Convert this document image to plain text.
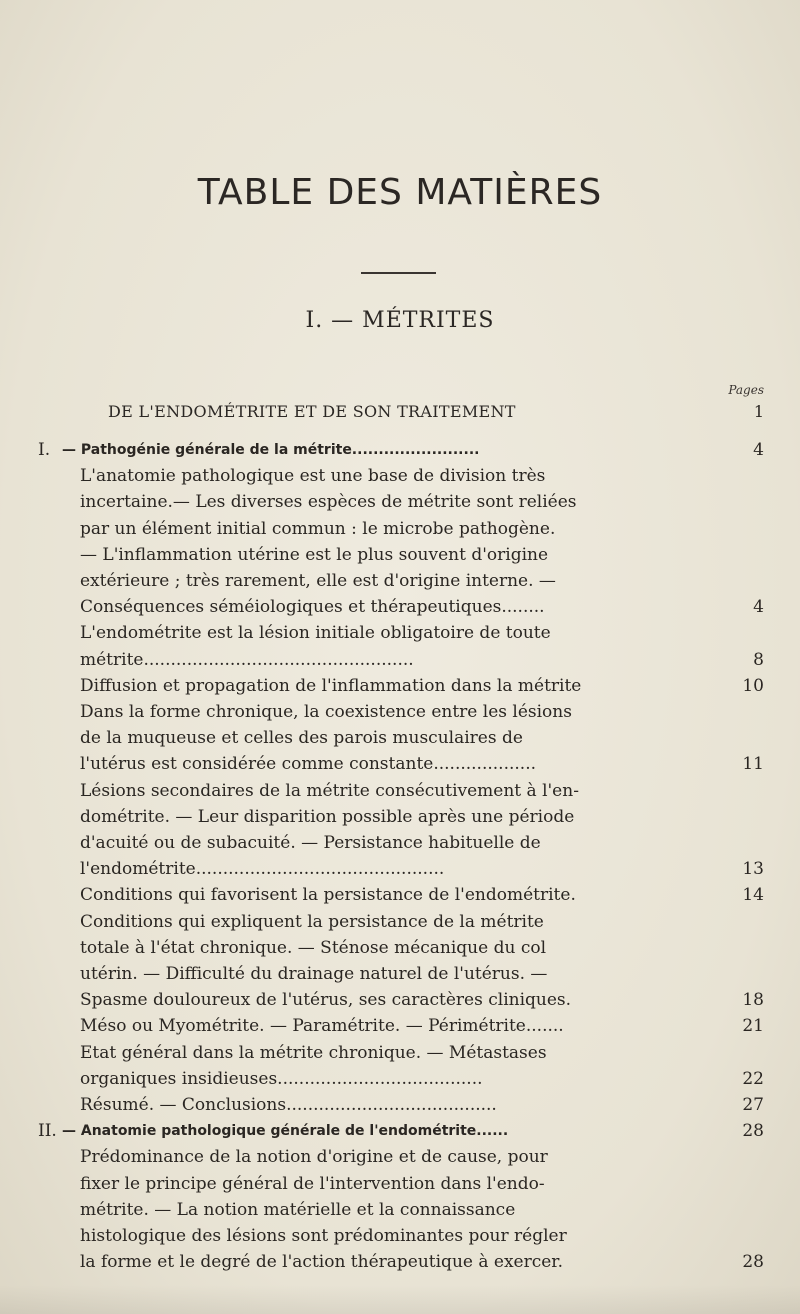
TABLE DES MATIÈRES
I. — MÉTRITES
Pages
DE L'ENDOMÉTRITE ET DE SON TRAITEMENT	1
I. — Pathogénie générale de la métrite........................	4
L'anatomie pathologique est une base de division très
incertaine.— Les diverses espèces de métrite sont reliées
par un élément initial commun : le microbe pathogène.
— L'inflammation utérine est le plus souvent d'origine
extérieure ; très rarement, elle est d'origine interne. —
Conséquences séméiologiques et thérapeutiques........	4
L'endométrite est la lésion initiale obligatoire de toute
métrite..................................................	8
Diffusion et propagation de l'inflammation dans la métrite	10
Dans la forme chronique, la coexistence entre les lésions
de la muqueuse et celles des parois musculaires de
l'utérus est considérée comme constante...................	11
Lésions secondaires de la métrite consécutivement à l'en-
dométrite. — Leur disparition possible après une période
d'acuité ou de subacuité. — Persistance habituelle de
l'endométrite..............................................	13
Conditions qui favorisent la persistance de l'endométrite.	14
Conditions qui expliquent la persistance de la métrite
totale à l'état chronique. — Sténose mécanique du col
utérin. — Difficulté du drainage naturel de l'utérus. —
Spasme douloureux de l'utérus, ses caractères cliniques.	18
Méso ou Myométrite. — Paramétrite. — Périmétrite.......	21
Etat général dans la métrite chronique. — Métastases
organiques insidieuses......................................	22
Résumé. — Conclusions.......................................	27
II. — Anatomie pathologique générale de l'endométrite......	28
Prédominance de la notion d'origine et de cause, pour
fixer le principe général de l'intervention dans l'endo-
métrite. — La notion matérielle et la connaissance
histologique des lésions sont prédominantes pour régler
la forme et le degré de l'action thérapeutique à exercer.	28
